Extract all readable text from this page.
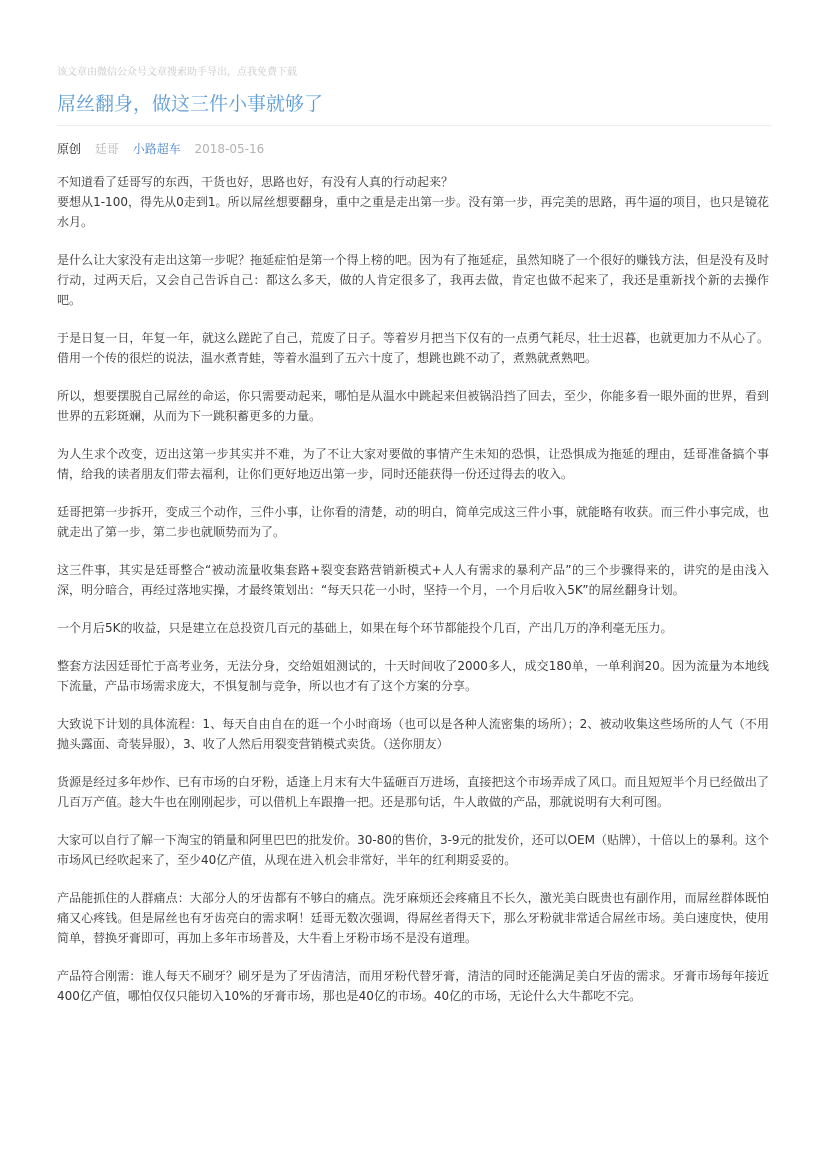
该文章由微信公众号文章搜索助手导出，点我免费下载
屌丝翻身，做这三件小事就够了
原创 廷哥 小路超车 2018-05-16

不知道看了廷哥写的东西，干货也好，思路也好，有没有人真的行动起来？
要想从1-100，得先从0走到1。所以屌丝想要翻身，重中之重是走出第一步。没有第一步，再完美的思路，再牛逼的项目，也只是镜花水月。

是什么让大家没有走出这第一步呢？拖延症怕是第一个得上榜的吧。因为有了拖延症，虽然知晓了一个很好的赚钱方法，但是没有及时行动，过两天后，又会自己告诉自己：都这么多天，做的人肯定很多了，我再去做，肯定也做不起来了，我还是重新找个新的去操作吧。

于是日复一日，年复一年，就这么蹉跎了自己，荒废了日子。等着岁月把当下仅有的一点勇气耗尽，壮士迟暮，也就更加力不从心了。借用一个传的很烂的说法，温水煮青蛙，等着水温到了五六十度了，想跳也跳不动了，煮熟就煮熟吧。

所以，想要摆脱自己屌丝的命运，你只需要动起来，哪怕是从温水中跳起来但被锅沿挡了回去，至少，你能多看一眼外面的世界，看到世界的五彩斑斓，从而为下一跳积蓄更多的力量。

为人生求个改变，迈出这第一步其实并不难，为了不让大家对要做的事情产生未知的恐惧，让恐惧成为拖延的理由，廷哥准备搞个事情，给我的读者朋友们带去福利，让你们更好地迈出第一步，同时还能获得一份还过得去的收入。

廷哥把第一步拆开，变成三个动作，三件小事，让你看的清楚，动的明白，简单完成这三件小事，就能略有收获。而三件小事完成，也就走出了第一步，第二步也就顺势而为了。

这三件事，其实是廷哥整合“被动流量收集套路+裂变套路营销新模式+人人有需求的暴利产品”的三个步骤得来的，讲究的是由浅入深，明分暗合，再经过落地实操，才最终策划出：“每天只花一小时，坚持一个月，一个月后收入5K”的屌丝翻身计划。

一个月后5K的收益，只是建立在总投资几百元的基础上，如果在每个环节都能投个几百，产出几万的净利毫无压力。

整套方法因廷哥忙于高考业务，无法分身，交给姐姐测试的，十天时间收了2000多人，成交180单，一单利润20。因为流量为本地线下流量，产品市场需求庞大，不惧复制与竞争，所以也才有了这个方案的分享。

大致说下计划的具体流程：1、每天自由自在的逛一个小时商场（也可以是各种人流密集的场所）；2、被动收集这些场所的人气（不用抛头露面、奇装异服），3、收了人然后用裂变营销模式卖货。（送你朋友）

货源是经过多年炒作、已有市场的白牙粉，适逢上月末有大牛猛砸百万进场，直接把这个市场弄成了风口。而且短短半个月已经做出了几百万产值。趁大牛也在刚刚起步，可以借机上车跟撸一把。还是那句话，牛人敢做的产品，那就说明有大利可图。

大家可以自行了解一下淘宝的销量和阿里巴巴的批发价。30-80的售价，3-9元的批发价，还可以OEM（贴牌），十倍以上的暴利。这个市场风已经吹起来了，至少40亿产值，从现在进入机会非常好，半年的红利期妥妥的。

产品能抓住的人群痛点：大部分人的牙齿都有不够白的痛点。洗牙麻烦还会疼痛且不长久，激光美白既贵也有副作用，而屌丝群体既怕痛又心疼钱。但是屌丝也有牙齿亮白的需求啊！廷哥无数次强调，得屌丝者得天下，那么牙粉就非常适合屌丝市场。美白速度快，使用简单，替换牙膏即可，再加上多年市场普及，大牛看上牙粉市场不是没有道理。

产品符合刚需：谁人每天不刷牙？刷牙是为了牙齿清洁，而用牙粉代替牙膏，清洁的同时还能满足美白牙齿的需求。牙膏市场每年接近400亿产值，哪怕仅仅只能切入10%的牙膏市场，那也是40亿的市场。40亿的市场，无论什么大牛都吃不完。
